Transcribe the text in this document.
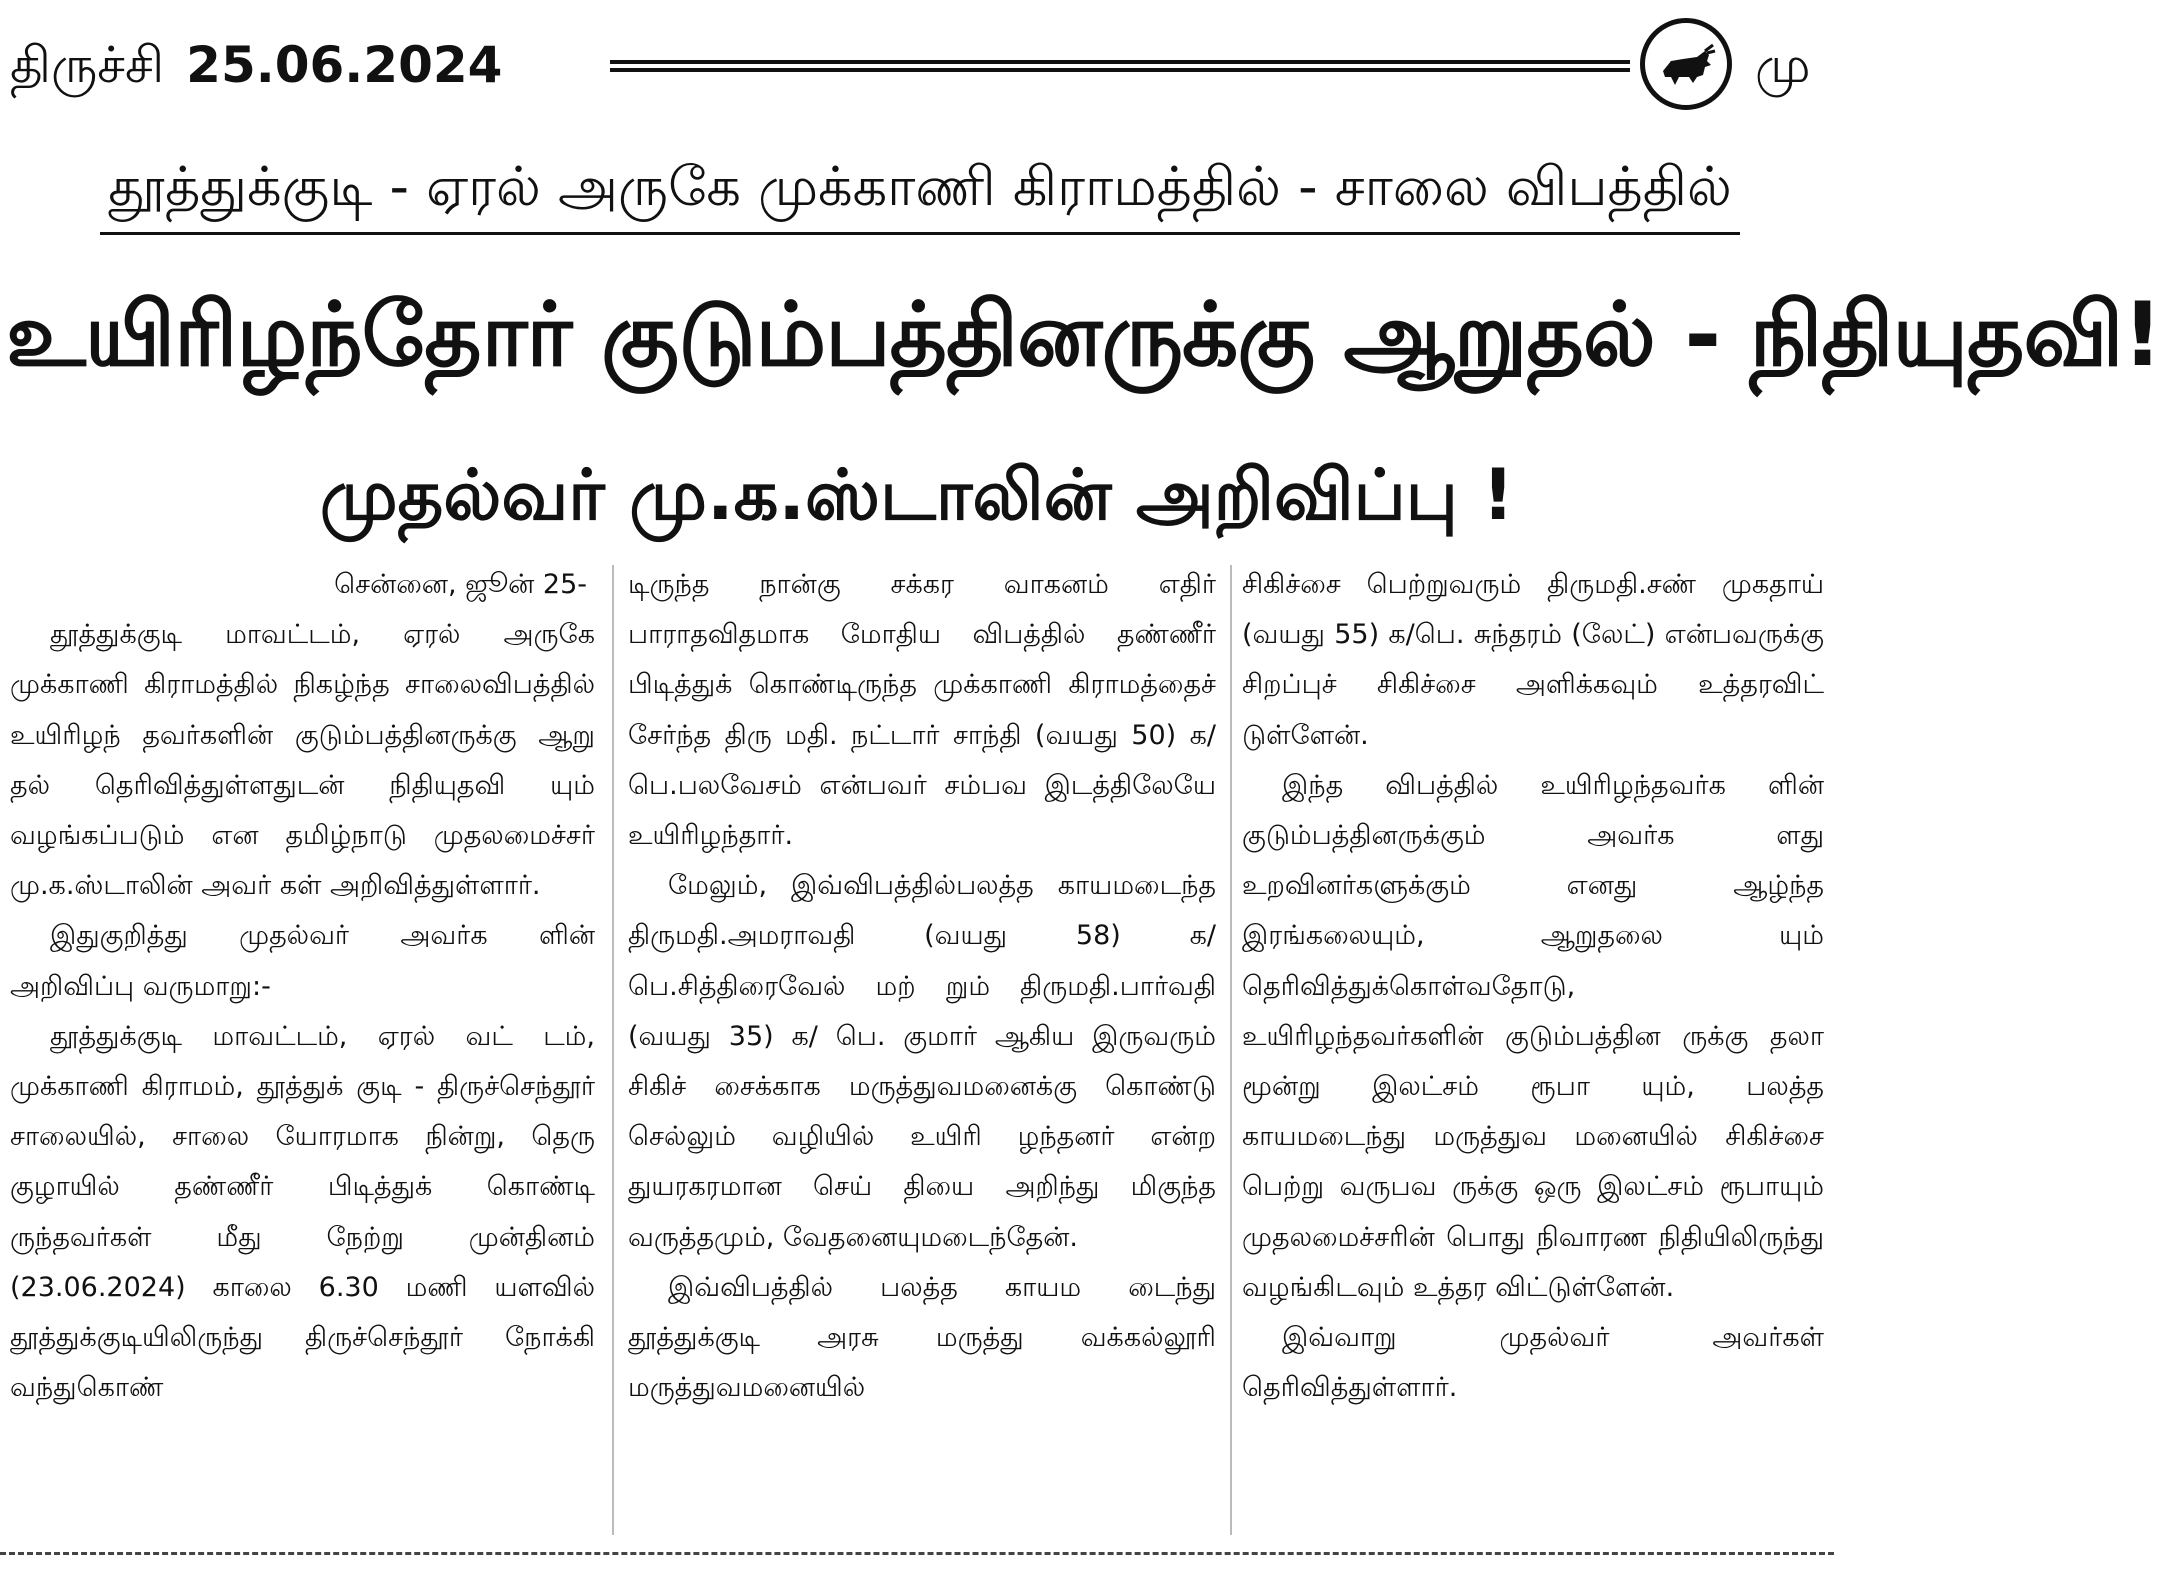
திருச்சி 25.06.2024	மு
தூத்துக்குடி - ஏரல் அருகே முக்காணி கிராமத்தில் - சாலை விபத்தில்
உயிரிழந்தோர் குடும்பத்தினருக்கு ஆறுதல் - நிதியுதவி!
முதல்வர் மு.க.ஸ்டாலின் அறிவிப்பு !

சென்னை, ஜூன் 25-

தூத்துக்குடி மாவட்டம், ஏரல் அருகே முக்காணி கிராமத்தில் நிகழ்ந்த சாலைவிபத்தில் உயிரிழந் தவர்களின் குடும்பத்தினருக்கு ஆறு தல் தெரிவித்துள்ளதுடன் நிதியுதவி யும் வழங்கப்படும் என தமிழ்நாடு முதலமைச்சர் மு.க.ஸ்டாலின் அவர் கள் அறிவித்துள்ளார்.

இதுகுறித்து முதல்வர் அவர்க ளின் அறிவிப்பு வருமாறு:-

தூத்துக்குடி மாவட்டம், ஏரல் வட் டம், முக்காணி கிராமம், தூத்துக் குடி - திருச்செந்தூர் சாலையில், சாலை யோரமாக நின்று, தெரு குழாயில் தண்ணீர் பிடித்துக் கொண்டி ருந்தவர்கள் மீது நேற்று முன்தினம் (23.06.2024) காலை 6.30 மணி யளவில் தூத்துக்குடியிலிருந்து திருச்செந்தூர் நோக்கி வந்துகொண்

டிருந்த நான்கு சக்கர வாகனம் எதிர் பாராதவிதமாக மோதிய விபத்தில் தண்ணீர் பிடித்துக் கொண்டிருந்த முக்காணி கிராமத்தைச் சேர்ந்த திரு மதி. நட்டார் சாந்தி (வயது 50) க/பெ.பலவேசம் என்பவர் சம்பவ இடத்திலேயே உயிரிழந்தார்.

மேலும், இவ்விபத்தில்பலத்த காயமடைந்த திருமதி.அமராவதி (வயது 58) க/பெ.சித்திரைவேல் மற் றும் திருமதி.பார்வதி (வயது 35) க/ பெ. குமார் ஆகிய இருவரும் சிகிச் சைக்காக மருத்துவமனைக்கு கொண்டு செல்லும் வழியில் உயிரி ழந்தனர் என்ற துயரகரமான செய் தியை அறிந்து மிகுந்த வருத்தமும், வேதனையுமடைந்தேன்.

இவ்விபத்தில் பலத்த காயம டைந்து தூத்துக்குடி அரசு மருத்து வக்கல்லூரி மருத்துவமனையில்

சிகிச்சை பெற்றுவரும் திருமதி.சண் முகதாய் (வயது 55) க/பெ. சுந்தரம் (லேட்) என்பவருக்கு சிறப்புச் சிகிச்சை அளிக்கவும் உத்தரவிட் டுள்ளேன்.

இந்த விபத்தில் உயிரிழந்தவர்க ளின் குடும்பத்தினருக்கும் அவர்க ளது உறவினர்களுக்கும் எனது ஆழ்ந்த இரங்கலையும், ஆறுதலை யும் தெரிவித்துக்கொள்வதோடு, உயிரிழந்தவர்களின் குடும்பத்தின ருக்கு தலா மூன்று இலட்சம் ரூபா யும், பலத்த காயமடைந்து மருத்துவ மனையில் சிகிச்சை பெற்று வருபவ ருக்கு ஒரு இலட்சம் ரூபாயும் முதலமைச்சரின் பொது நிவாரண நிதியிலிருந்து வழங்கிடவும் உத்தர விட்டுள்ளேன்.

இவ்வாறு முதல்வர் அவர்கள் தெரிவித்துள்ளார்.
